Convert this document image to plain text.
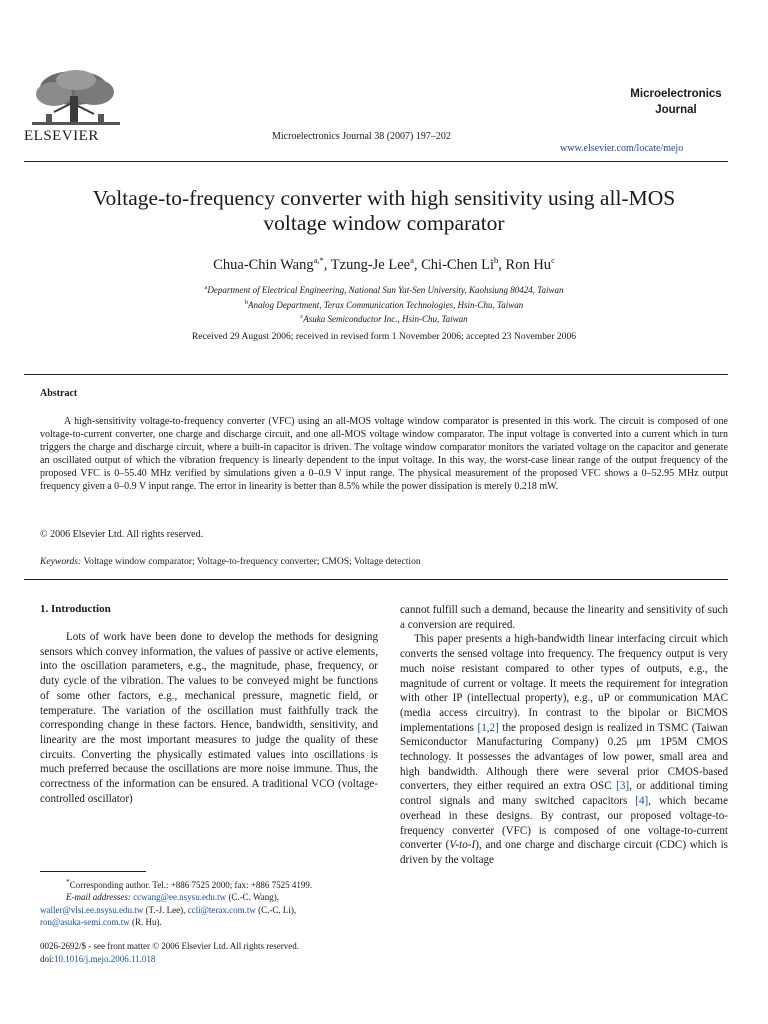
ELSEVIER	Microelectronics Journal 38 (2007) 197–202
Microelectronics
Journal
www.elsevier.com/locate/mejo
Voltage-to-frequency converter with high sensitivity using all-MOS
voltage window comparator
Chua-Chin Wang$^{a,*}$, Tzung-Je Lee$^a$, Chi-Chen Li$^b$, Ron Hu$^c$
$^a$Department of Electrical Engineering, National Sun Yat-Sen University, Kaohsiung 80424, Taiwan
$^b$Analog Department, Terax Communication Technologies, Hsin-Chu, Taiwan
$^c$Asuka Semiconductor Inc., Hsin-Chu, Taiwan
Received 29 August 2006; received in revised form 1 November 2006; accepted 23 November 2006
Abstract

A high-sensitivity voltage-to-frequency converter (VFC) using an all-MOS voltage window comparator is presented in this work. The circuit is composed of one voltage-to-current converter, one charge and discharge circuit, and one all-MOS voltage window comparator. The input voltage is converted into a current which in turn triggers the charge and discharge circuit, where a built-in capacitor is driven. The voltage window comparator monitors the variated voltage on the capacitor and generate an oscillated output of which the vibration frequency is linearly dependent to the input voltage. In this way, the worst-case linear range of the output frequency of the proposed VFC is 0–55.40 MHz verified by simulations given a 0–0.9 V input range. The physical measurement of the proposed VFC shows a 0–52.95 MHz output frequency given a 0–0.9 V input range. The error in linearity is better than 8.5% while the power dissipation is merely 0.218 mW.

© 2006 Elsevier Ltd. All rights reserved.
Keywords: Voltage window comparator; Voltage-to-frequency converter; CMOS; Voltage detection
1. Introduction

Lots of work have been done to develop the methods for designing sensors which convey information, the values of passive or active elements, into the oscillation parameters, e.g., the magnitude, phase, frequency, or duty cycle of the vibration. The values to be conveyed might be functions of some other factors, e.g., mechanical pressure, magnetic field, or temperature. The variation of the oscillation must faithfully track the corresponding change in these factors. Hence, bandwidth, sensitivity, and linearity are the most important measures to judge the quality of these circuits. Converting the physically estimated values into oscillations is much preferred because the oscillations are more noise immune. Thus, the correctness of the information can be ensured. A traditional VCO (voltage-controlled oscillator)

cannot fulfill such a demand, because the linearity and sensitivity of such a conversion are required.

This paper presents a high-bandwidth linear interfacing circuit which converts the sensed voltage into frequency. The frequency output is very much noise resistant compared to other types of outputs, e.g., the magnitude of current or voltage. It meets the requirement for integration with other IP (intellectual property), e.g., uP or communication MAC (media access circuitry). In contrast to the bipolar or BiCMOS implementations [1,2] the proposed design is realized in TSMC (Taiwan Semiconductor Manufacturing Company) 0.25 μm 1P5M CMOS technology. It possesses the advantages of low power, small area and high bandwidth. Although there were several prior CMOS-based converters, they either required an extra OSC [3], or additional timing control signals and many switched capacitors [4], which became overhead in these designs. By contrast, our proposed voltage-to-frequency converter (VFC) is composed of one voltage-to-current converter (V-to-I), and one charge and discharge circuit (CDC) which is driven by the voltage

*Corresponding author. Tel.: +886 7525 2000; fax: +886 7525 4199.
E-mail addresses: ccwang@ee.nsysu.edu.tw (C.-C. Wang),
waller@vlsi.ee.nsysu.edu.tw (T.-J. Lee), ccli@terax.com.tw (C.-C. Li),
ron@asuka-semi.com.tw (R. Hu).
0026-2692/$ - see front matter © 2006 Elsevier Ltd. All rights reserved.
doi:10.1016/j.mejo.2006.11.018
